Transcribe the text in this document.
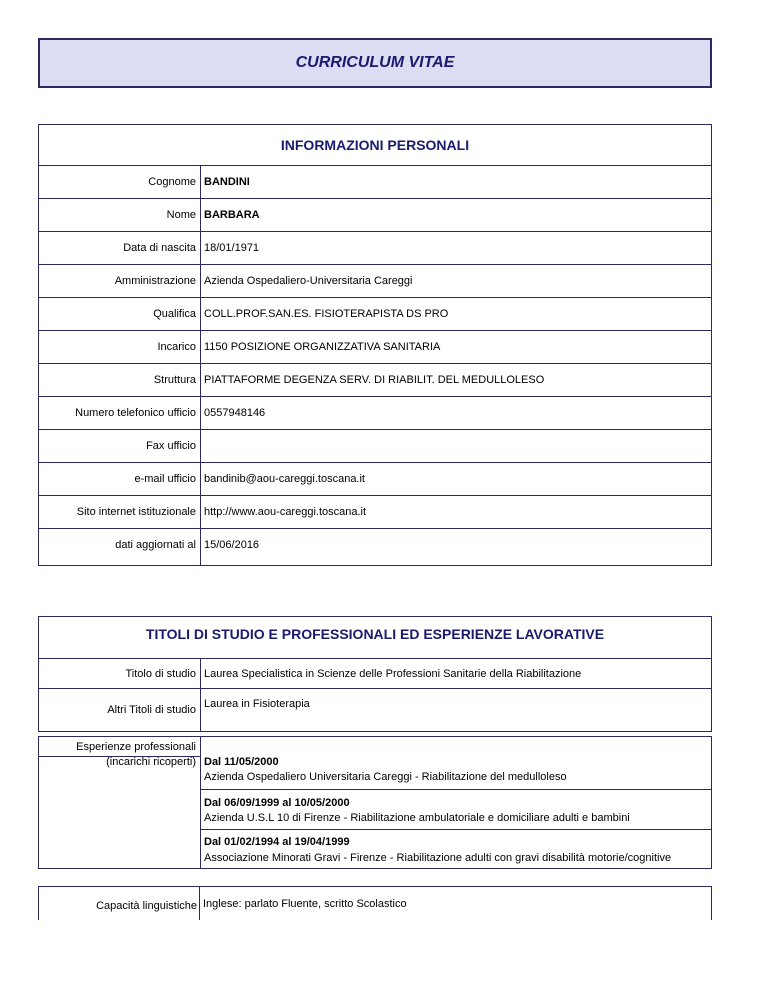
CURRICULUM VITAE
INFORMAZIONI PERSONALI
Cognome BANDINI
Nome BARBARA
Data di nascita 18/01/1971
Amministrazione Azienda Ospedaliero-Universitaria Careggi
Qualifica COLL.PROF.SAN.ES. FISIOTERAPISTA DS PRO
Incarico 1150 POSIZIONE ORGANIZZATIVA SANITARIA
Struttura PIATTAFORME DEGENZA SERV. DI RIABILIT. DEL MEDULLOLESO
Numero telefonico ufficio 0557948146
Fax ufficio
e-mail ufficio bandinib@aou-careggi.toscana.it
Sito internet istituzionale http://www.aou-careggi.toscana.it
dati aggiornati al 15/06/2016
TITOLI DI STUDIO E PROFESSIONALI ED ESPERIENZE LAVORATIVE
Titolo di studio Laurea Specialistica in Scienze delle Professioni Sanitarie della Riabilitazione
Altri Titoli di studio Laurea in Fisioterapia
Esperienze professionali
(incarichi ricoperti) Dal 11/05/2000
Azienda Ospedaliero Universitaria Careggi - Riabilitazione del medulloleso
Dal 06/09/1999 al 10/05/2000
Azienda U.S.L 10 di Firenze - Riabilitazione ambulatoriale e domiciliare adulti e bambini
Dal 01/02/1994 al 19/04/1999
Associazione Minorati Gravi - Firenze - Riabilitazione adulti con gravi disabilità motorie/cognitive
Capacità linguistiche Inglese: parlato Fluente, scritto Scolastico
